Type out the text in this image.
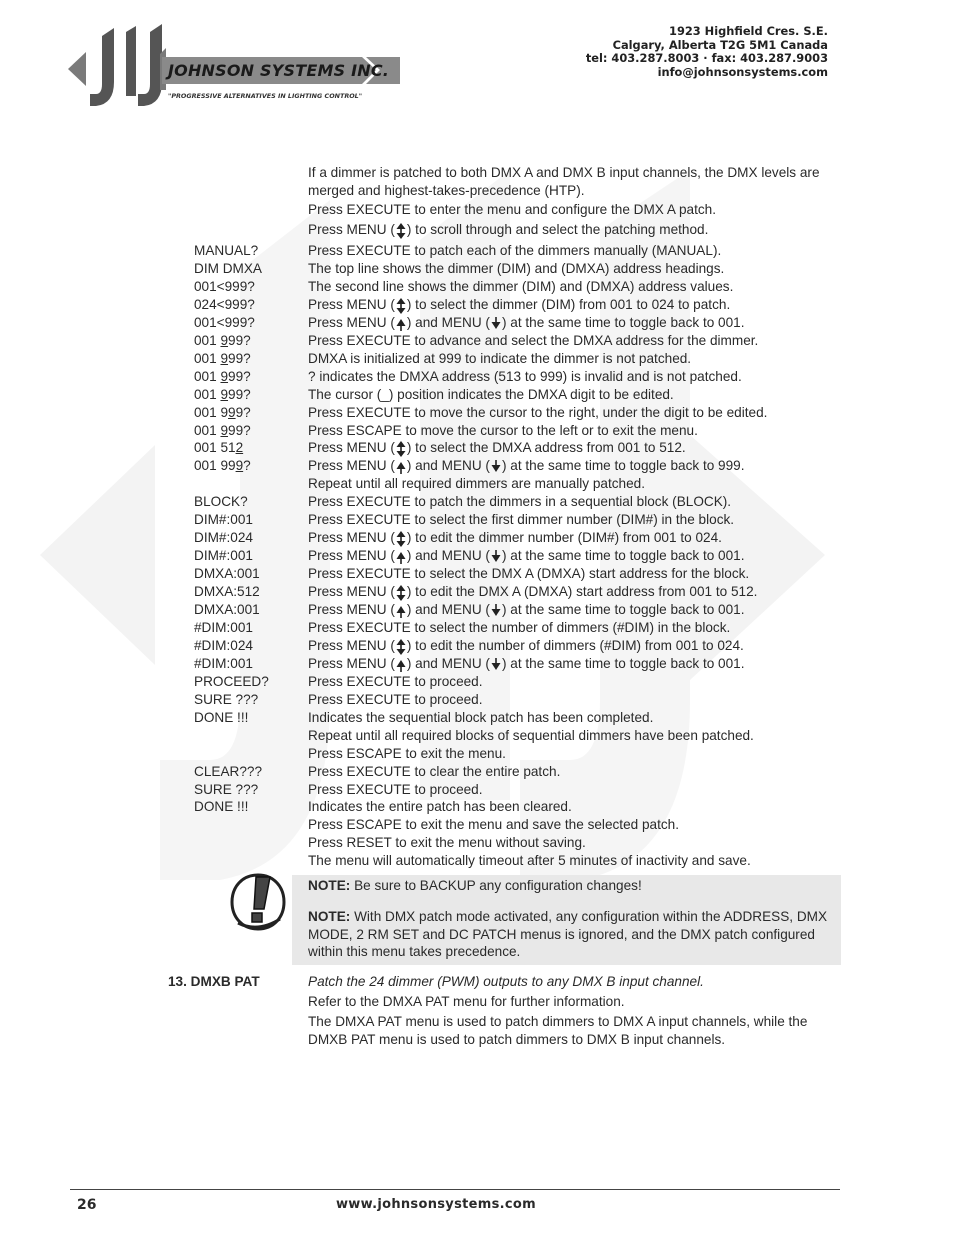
JOHNSON SYSTEMS INC.
"PROGRESSIVE ALTERNATIVES IN LIGHTING CONTROL"
1923 Highfield Cres. S.E.
Calgary, Alberta T2G 5M1 Canada
tel: 403.287.8003 · fax: 403.287.9003
info@johnsonsystems.com
If a dimmer is patched to both DMX A and DMX B input channels, the DMX levels are merged and highest-takes-precedence (HTP).
Press EXECUTE to enter the menu and configure the DMX A patch.
Press MENU ( ) to scroll through and select the patching method.
MANUAL?	Press EXECUTE to patch each of the dimmers manually (MANUAL).
DIM DMXA	The top line shows the dimmer (DIM) and (DMXA) address headings.
001<999?	The second line shows the dimmer (DIM) and (DMXA) address values.
024<999?	Press MENU ( ) to select the dimmer (DIM) from 001 to 024 to patch.
001<999?	Press MENU ( ) and MENU ( ) at the same time to toggle back to 001.
001 999?	Press EXECUTE to advance and select the DMXA address for the dimmer.
001 999?	DMXA is initialized at 999 to indicate the dimmer is not patched.
001 999?	? indicates the DMXA address (513 to 999) is invalid and is not patched.
001 999?	The cursor (_) position indicates the DMXA digit to be edited.
001 999?	Press EXECUTE to move the cursor to the right, under the digit to be edited.
001 999?	Press ESCAPE to move the cursor to the left or to exit the menu.
001 512	Press MENU ( ) to select the DMXA address from 001 to 512.
001 999?	Press MENU ( ) and MENU ( ) at the same time to toggle back to 999.
Repeat until all required dimmers are manually patched.
BLOCK?	Press EXECUTE to patch the dimmers in a sequential block (BLOCK).
DIM#:001	Press EXECUTE to select the first dimmer number (DIM#) in the block.
DIM#:024	Press MENU ( ) to edit the dimmer number (DIM#) from 001 to 024.
DIM#:001	Press MENU ( ) and MENU ( ) at the same time to toggle back to 001.
DMXA:001	Press EXECUTE to select the DMX A (DMXA) start address for the block.
DMXA:512	Press MENU ( ) to edit the DMX A (DMXA) start address from 001 to 512.
DMXA:001	Press MENU ( ) and MENU ( ) at the same time to toggle back to 001.
#DIM:001	Press EXECUTE to select the number of dimmers (#DIM) in the block.
#DIM:024	Press MENU ( ) to edit the number of dimmers (#DIM) from 001 to 024.
#DIM:001	Press MENU ( ) and MENU ( ) at the same time to toggle back to 001.
PROCEED?	Press EXECUTE to proceed.
SURE ???	Press EXECUTE to proceed.
DONE !!!	Indicates the sequential block patch has been completed.
Repeat until all required blocks of sequential dimmers have been patched.
Press ESCAPE to exit the menu.
CLEAR???	Press EXECUTE to clear the entire patch.
SURE ???	Press EXECUTE to proceed.
DONE !!!	Indicates the entire patch has been cleared.
Press ESCAPE to exit the menu and save the selected patch.
Press RESET to exit the menu without saving.
The menu will automatically timeout after 5 minutes of inactivity and save.
NOTE: Be sure to BACKUP any configuration changes!
NOTE: With DMX patch mode activated, any configuration within the ADDRESS, DMX MODE, 2 RM SET and DC PATCH menus is ignored, and the DMX patch configured within this menu takes precedence.
13. DMXB PAT	Patch the 24 dimmer (PWM) outputs to any DMX B input channel.
Refer to the DMXA PAT menu for further information.
The DMXA PAT menu is used to patch dimmers to DMX A input channels, while the DMXB PAT menu is used to patch dimmers to DMX B input channels.
26	www.johnsonsystems.com
